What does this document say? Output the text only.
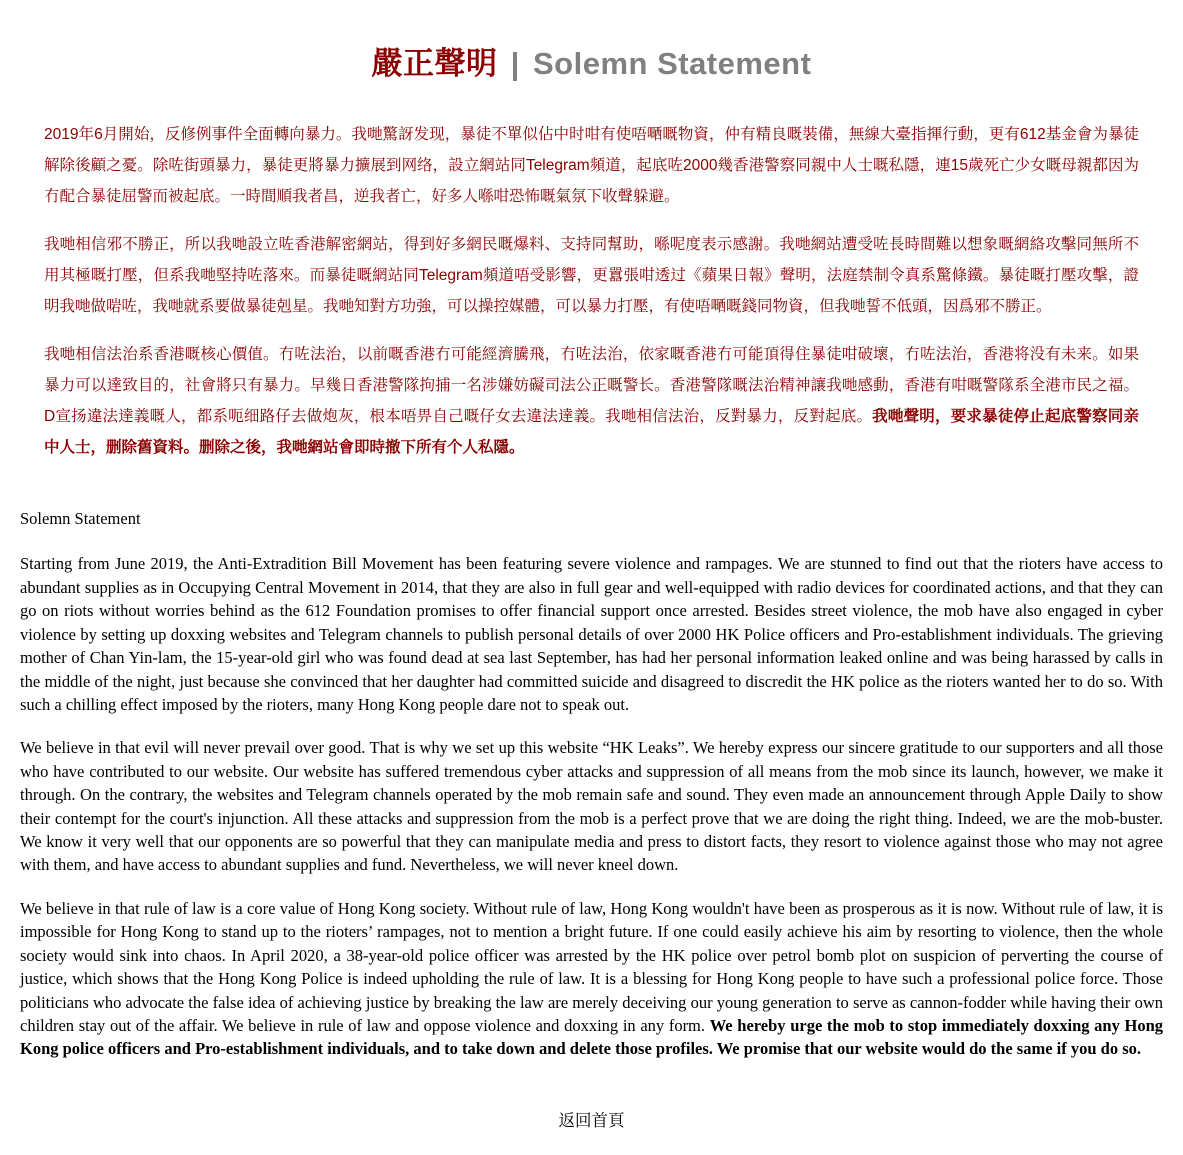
嚴正聲明 | Solemn Statement

2019年6月開始，反修例事件全面轉向暴力。我哋驚訝发现，暴徒不單似佔中时咁有使唔嗮嘅物資，仲有精良嘅裝備，無線大臺指揮行動，更有612基金會为暴徒解除後顧之憂。除咗街頭暴力，暴徒更將暴力擴展到网络，設立網站同Telegram頻道，起底咗2000幾香港警察同親中人士嘅私隱，連15歲死亡少女嘅母親都因为冇配合暴徒屈警而被起底。一時間順我者昌，逆我者亡，好多人喺咁恐怖嘅氣氛下收聲躲避。

我哋相信邪不勝正，所以我哋設立咗香港解密網站，得到好多網民嘅爆料、支持同幫助，喺呢度表示感謝。我哋網站遭受咗長時間難以想象嘅網絡攻擊同無所不用其極嘅打壓，但系我哋堅持咗落來。而暴徒嘅網站同Telegram頻道唔受影響，更囂張咁透过《蘋果日報》聲明，法庭禁制令真系驚條鐵。暴徒嘅打壓攻擊，證明我哋做啱咗，我哋就系要做暴徒剋星。我哋知對方功強，可以操控媒體，可以暴力打壓，有使唔嗮嘅錢同物資，但我哋誓不低頭，因爲邪不勝正。

我哋相信法治系香港嘅核心價值。冇咗法治，以前嘅香港冇可能經濟騰飛，冇咗法治，依家嘅香港冇可能頂得住暴徒咁破壞，冇咗法治，香港将没有未来。如果暴力可以達致目的，社會將只有暴力。早幾日香港警隊拘捕一名涉嫌妨礙司法公正嘅警长。香港警隊嘅法治精神讓我哋感動，香港有咁嘅警隊系全港市民之福。D宣扬違法達義嘅人，都系呃细路仔去做炮灰，根本唔畀自己嘅仔女去違法達義。我哋相信法治，反對暴力，反對起底。我哋聲明，要求暴徒停止起底警察同亲中人士，删除舊資料。删除之後，我哋網站會即時撤下所有个人私隱。

Solemn Statement

Starting from June 2019, the Anti-Extradition Bill Movement has been featuring severe violence and rampages. We are stunned to find out that the rioters have access to abundant supplies as in Occupying Central Movement in 2014, that they are also in full gear and well-equipped with radio devices for coordinated actions, and that they can go on riots without worries behind as the 612 Foundation promises to offer financial support once arrested. Besides street violence, the mob have also engaged in cyber violence by setting up doxxing websites and Telegram channels to publish personal details of over 2000 HK Police officers and Pro-establishment individuals. The grieving mother of Chan Yin-lam, the 15-year-old girl who was found dead at sea last September, has had her personal information leaked online and was being harassed by calls in the middle of the night, just because she convinced that her daughter had committed suicide and disagreed to discredit the HK police as the rioters wanted her to do so. With such a chilling effect imposed by the rioters, many Hong Kong people dare not to speak out.

We believe in that evil will never prevail over good. That is why we set up this website “HK Leaks”. We hereby express our sincere gratitude to our supporters and all those who have contributed to our website. Our website has suffered tremendous cyber attacks and suppression of all means from the mob since its launch, however, we make it through. On the contrary, the websites and Telegram channels operated by the mob remain safe and sound. They even made an announcement through Apple Daily to show their contempt for the court's injunction. All these attacks and suppression from the mob is a perfect prove that we are doing the right thing. Indeed, we are the mob-buster. We know it very well that our opponents are so powerful that they can manipulate media and press to distort facts, they resort to violence against those who may not agree with them, and have access to abundant supplies and fund. Nevertheless, we will never kneel down.

We believe in that rule of law is a core value of Hong Kong society. Without rule of law, Hong Kong wouldn't have been as prosperous as it is now. Without rule of law, it is impossible for Hong Kong to stand up to the rioters’ rampages, not to mention a bright future. If one could easily achieve his aim by resorting to violence, then the whole society would sink into chaos. In April 2020, a 38-year-old police officer was arrested by the HK police over petrol bomb plot on suspicion of perverting the course of justice, which shows that the Hong Kong Police is indeed upholding the rule of law. It is a blessing for Hong Kong people to have such a professional police force. Those politicians who advocate the false idea of achieving justice by breaking the law are merely deceiving our young generation to serve as cannon-fodder while having their own children stay out of the affair. We believe in rule of law and oppose violence and doxxing in any form. We hereby urge the mob to stop immediately doxxing any Hong Kong police officers and Pro-establishment individuals, and to take down and delete those profiles. We promise that our website would do the same if you do so.

返回首頁
